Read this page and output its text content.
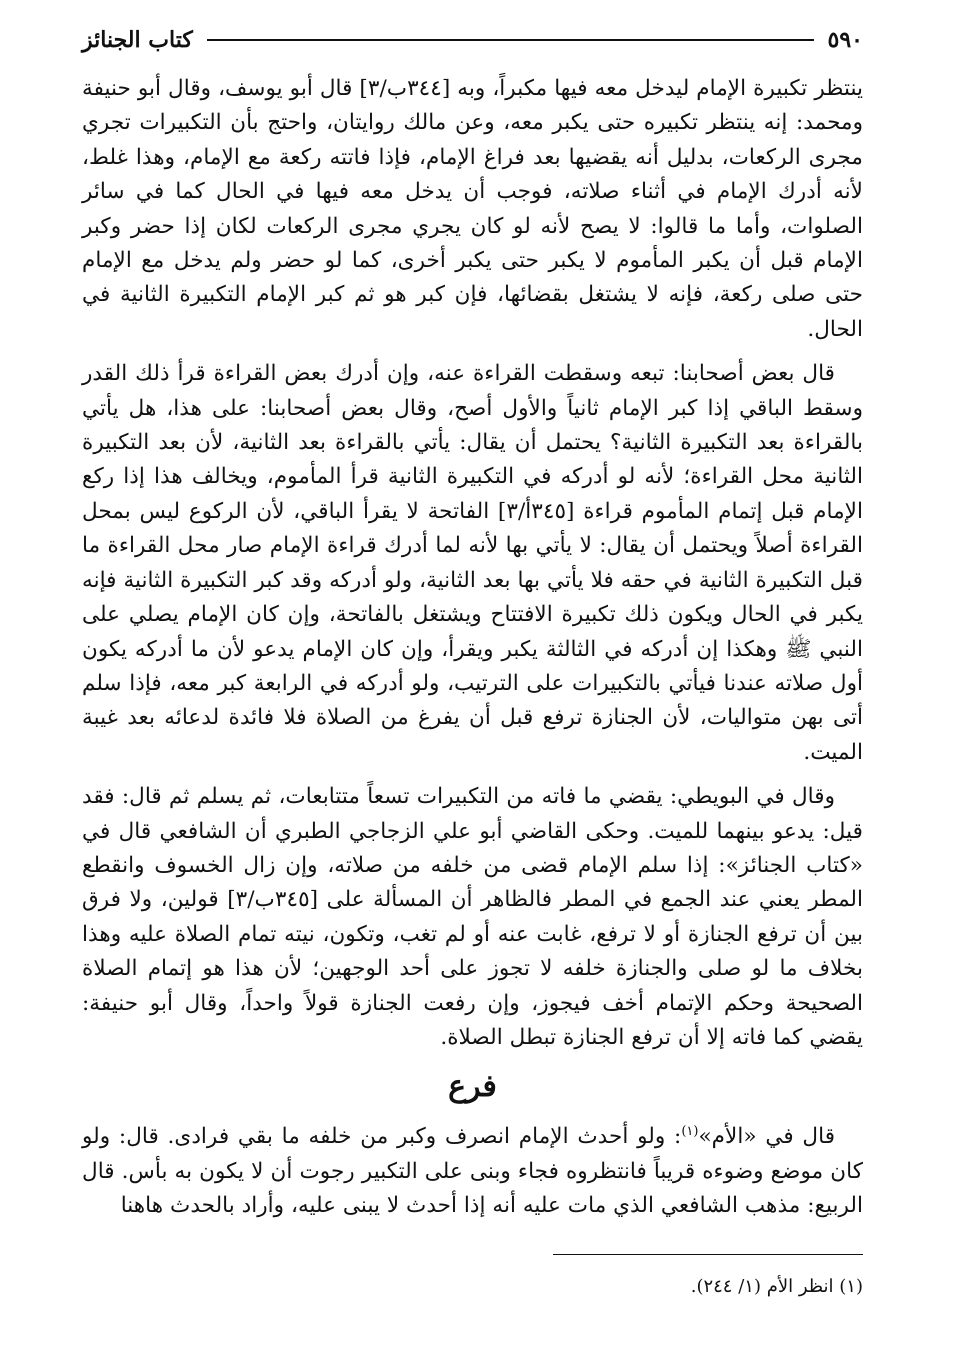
٥٩٠
كتاب الجنائز

ينتظر تكبيرة الإمام ليدخل معه فيها مكبراً، وبه [٣٤٤ب/٣] قال أبو يوسف، وقال أبو حنيفة ومحمد: إنه ينتظر تكبيره حتى يكبر معه، وعن مالك روايتان، واحتج بأن التكبيرات تجري مجرى الركعات، بدليل أنه يقضيها بعد فراغ الإمام، فإذا فاتته ركعة مع الإمام، وهذا غلط، لأنه أدرك الإمام في أثناء صلاته، فوجب أن يدخل معه فيها في الحال كما في سائر الصلوات، وأما ما قالوا: لا يصح لأنه لو كان يجري مجرى الركعات لكان إذا حضر وكبر الإمام قبل أن يكبر المأموم لا يكبر حتى يكبر أخرى، كما لو حضر ولم يدخل مع الإمام حتى صلى ركعة، فإنه لا يشتغل بقضائها، فإن كبر هو ثم كبر الإمام التكبيرة الثانية في الحال.

قال بعض أصحابنا: تبعه وسقطت القراءة عنه، وإن أدرك بعض القراءة قرأ ذلك القدر وسقط الباقي إذا كبر الإمام ثانياً والأول أصح، وقال بعض أصحابنا: على هذا، هل يأتي بالقراءة بعد التكبيرة الثانية؟ يحتمل أن يقال: يأتي بالقراءة بعد الثانية، لأن بعد التكبيرة الثانية محل القراءة؛ لأنه لو أدركه في التكبيرة الثانية قرأ المأموم، ويخالف هذا إذا ركع الإمام قبل إتمام المأموم قراءة [٣٤٥أ/٣] الفاتحة لا يقرأ الباقي، لأن الركوع ليس بمحل القراءة أصلاً ويحتمل أن يقال: لا يأتي بها لأنه لما أدرك قراءة الإمام صار محل القراءة ما قبل التكبيرة الثانية في حقه فلا يأتي بها بعد الثانية، ولو أدركه وقد كبر التكبيرة الثانية فإنه يكبر في الحال ويكون ذلك تكبيرة الافتتاح ويشتغل بالفاتحة، وإن كان الإمام يصلي على النبي ﷺ وهكذا إن أدركه في الثالثة يكبر ويقرأ، وإن كان الإمام يدعو لأن ما أدركه يكون أول صلاته عندنا فيأتي بالتكبيرات على الترتيب، ولو أدركه في الرابعة كبر معه، فإذا سلم أتى بهن متواليات، لأن الجنازة ترفع قبل أن يفرغ من الصلاة فلا فائدة لدعائه بعد غيبة الميت.

وقال في البويطي: يقضي ما فاته من التكبيرات تسعاً متتابعات، ثم يسلم ثم قال: فقد قيل: يدعو بينهما للميت. وحكى القاضي أبو علي الزجاجي الطبري أن الشافعي قال في «كتاب الجنائز»: إذا سلم الإمام قضى من خلفه من صلاته، وإن زال الخسوف وانقطع المطر يعني عند الجمع في المطر فالظاهر أن المسألة على [٣٤٥ب/٣] قولين، ولا فرق بين أن ترفع الجنازة أو لا ترفع، غابت عنه أو لم تغب، وتكون، نيته تمام الصلاة عليه وهذا بخلاف ما لو صلى والجنازة خلفه لا تجوز على أحد الوجهين؛ لأن هذا هو إتمام الصلاة الصحيحة وحكم الإتمام أخف فيجوز، وإن رفعت الجنازة قولاً واحداً، وقال أبو حنيفة: يقضي كما فاته إلا أن ترفع الجنازة تبطل الصلاة.

فرع

قال في «الأم»$^{(١)}$: ولو أحدث الإمام انصرف وكبر من خلفه ما بقي فرادى. قال: ولو كان موضع وضوءه قريباً فانتظروه فجاء وبنى على التكبير رجوت أن لا يكون به بأس. قال الربيع: مذهب الشافعي الذي مات عليه أنه إذا أحدث لا يبنى عليه، وأراد بالحدث هاهنا

(١) انظر الأم (١/ ٢٤٤).
